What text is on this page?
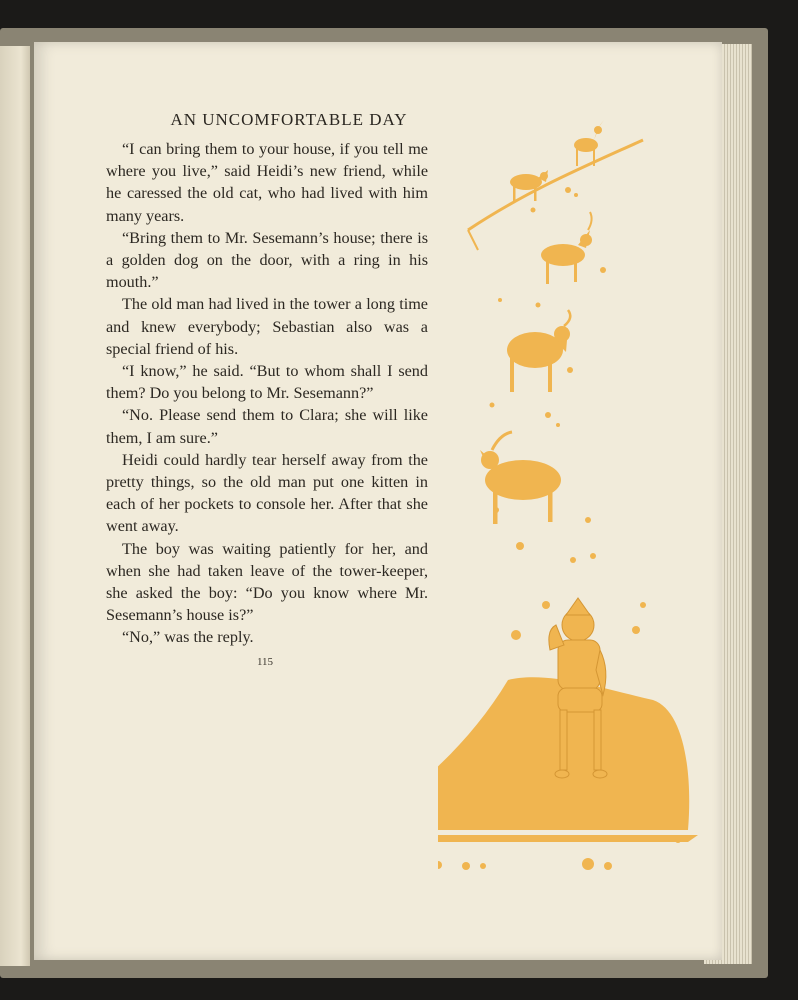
AN UNCOMFORTABLE DAY

“I can bring them to your house, if you tell me where you live,” said Heidi’s new friend, while he caressed the old cat, who had lived with him many years.

“Bring them to Mr. Sesemann’s house; there is a golden dog on the door, with a ring in his mouth.”

The old man had lived in the tower a long time and knew everybody; Sebastian also was a special friend of his.

“I know,” he said. “But to whom shall I send them? Do you belong to Mr. Sesemann?”

“No. Please send them to Clara; she will like them, I am sure.”

Heidi could hardly tear herself away from the pretty things, so the old man put one kitten in each of her pockets to console her. After that she went away.

The boy was waiting patiently for her, and when she had taken leave of the tower-keeper, she asked the boy: “Do you know where Mr. Sesemann’s house is?”

“No,” was the reply.

115
